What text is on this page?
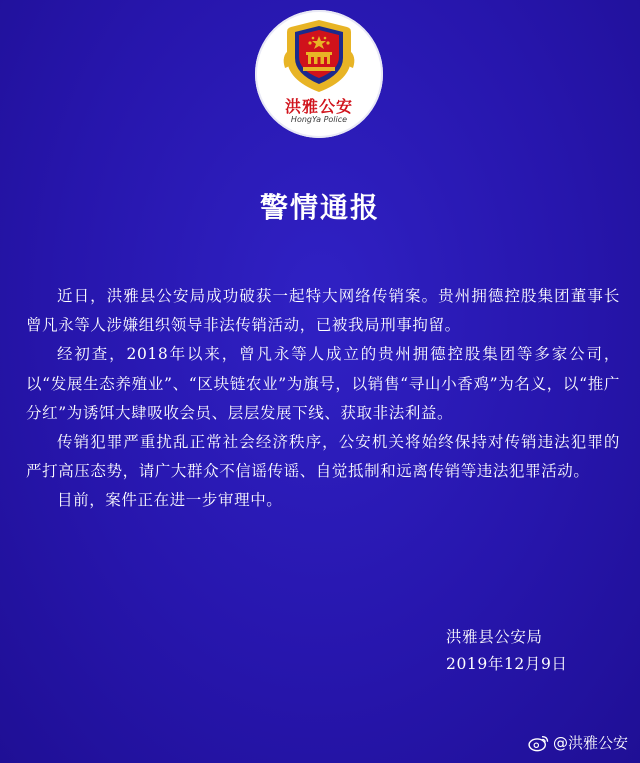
洪雅公安
HongYa Police
警情通报

近日，洪雅县公安局成功破获一起特大网络传销案。贵州拥德控股集团董事长曾凡永等人涉嫌组织领导非法传销活动，已被我局刑事拘留。

经初查，2018年以来，曾凡永等人成立的贵州拥德控股集团等多家公司，以“发展生态养殖业”、“区块链农业”为旗号，以销售“寻山小香鸡”为名义，以“推广分红”为诱饵大肆吸收会员、层层发展下线、获取非法利益。

传销犯罪严重扰乱正常社会经济秩序，公安机关将始终保持对传销违法犯罪的严打高压态势，请广大群众不信谣传谣、自觉抵制和远离传销等违法犯罪活动。

目前，案件正在进一步审理中。

洪雅县公安局
2019年12月9日
@洪雅公安
